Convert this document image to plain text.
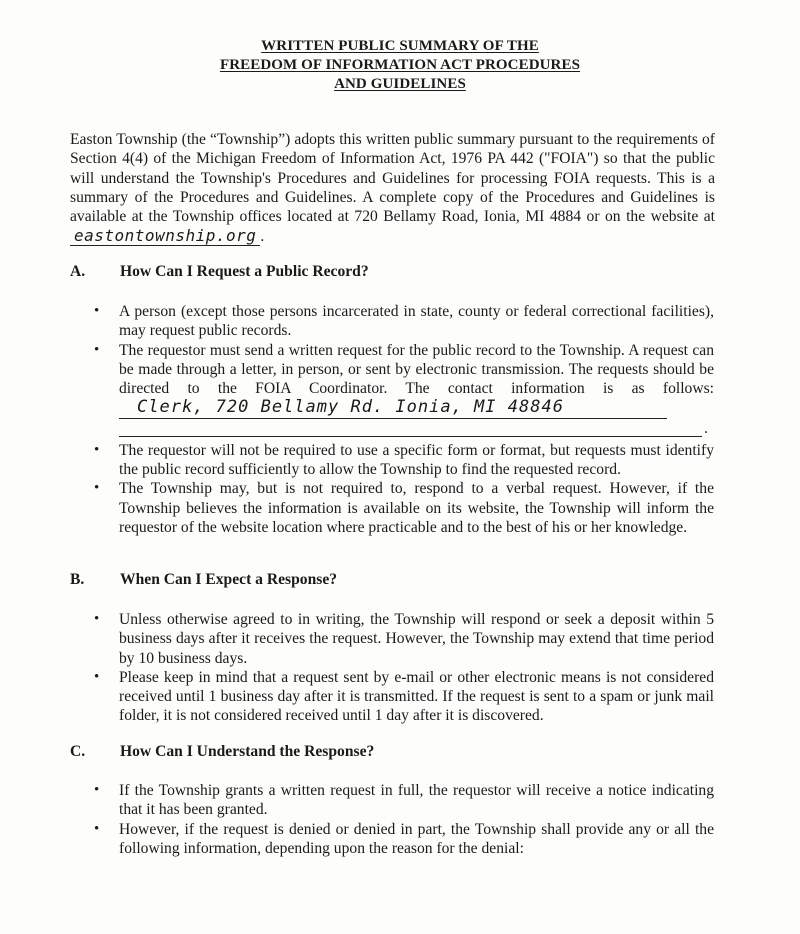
WRITTEN PUBLIC SUMMARY OF THE
FREEDOM OF INFORMATION ACT PROCEDURES
AND GUIDELINES

Easton Township (the “Township”) adopts this written public summary pursuant to the requirements of Section 4(4) of the Michigan Freedom of Information Act, 1976 PA 442 ("FOIA") so that the public will understand the Township's Procedures and Guidelines for processing FOIA requests. This is a summary of the Procedures and Guidelines. A complete copy of the Procedures and Guidelines is available at the Township offices located at 720 Bellamy Road, Ionia, MI 4884 or on the website at eastontownship.org .

A. How Can I Request a Public Record?
• A person (except those persons incarcerated in state, county or federal correctional facilities), may request public records.
• The requestor must send a written request for the public record to the Township. A request can be made through a letter, in person, or sent by electronic transmission. The requests should be directed to the FOIA Coordinator. The contact information is as follows:Clerk, 720 Bellamy Rd. Ionia, MI 48846
.
• The requestor will not be required to use a specific form or format, but requests must identify the public record sufficiently to allow the Township to find the requested record.
• The Township may, but is not required to, respond to a verbal request. However, if the Township believes the information is available on its website, the Township will inform the requestor of the website location where practicable and to the best of his or her knowledge.
B. When Can I Expect a Response?
• Unless otherwise agreed to in writing, the Township will respond or seek a deposit within 5 business days after it receives the request. However, the Township may extend that time period by 10 business days.
• Please keep in mind that a request sent by e-mail or other electronic means is not considered received until 1 business day after it is transmitted. If the request is sent to a spam or junk mail folder, it is not considered received until 1 day after it is discovered.
C. How Can I Understand the Response?
• If the Township grants a written request in full, the requestor will receive a notice indicating that it has been granted.
• However, if the request is denied or denied in part, the Township shall provide any or all the following information, depending upon the reason for the denial:
